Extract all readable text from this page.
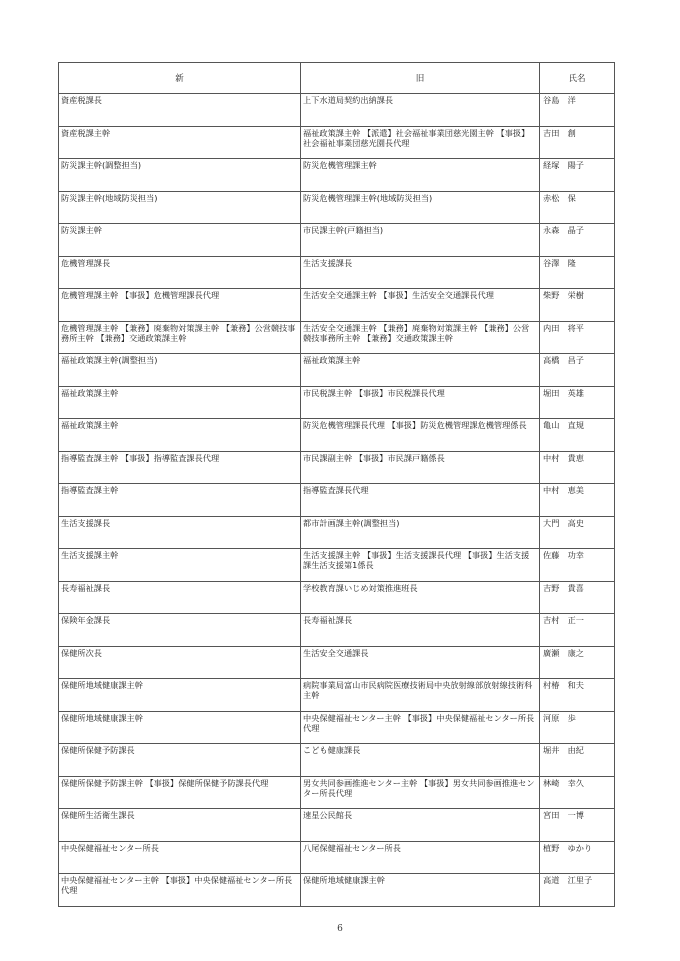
新	旧	氏名
資産税課長	上下水道局契約出納課長	谷島　洋
資産税課主幹	福祉政策課主幹 【派遣】社会福祉事業団慈光園主幹 【事扱】社会福祉事業団慈光園長代理	吉田　創
防災課主幹(調整担当)	防災危機管理課主幹	経塚　陽子
防災課主幹(地域防災担当)	防災危機管理課主幹(地域防災担当)	赤松　保
防災課主幹	市民課主幹(戸籍担当)	永森　晶子
危機管理課長	生活支援課長	谷澤　隆
危機管理課主幹 【事扱】危機管理課長代理	生活安全交通課主幹 【事扱】生活安全交通課長代理	柴野　栄樹
危機管理課主幹 【兼務】廃棄物対策課主幹 【兼務】公営競技事務所主幹 【兼務】交通政策課主幹	生活安全交通課主幹 【兼務】廃棄物対策課主幹 【兼務】公営競技事務所主幹 【兼務】交通政策課主幹	内田　将平
福祉政策課主幹(調整担当)	福祉政策課主幹	高橋　昌子
福祉政策課主幹	市民税課主幹 【事扱】市民税課長代理	堀田　英雄
福祉政策課主幹	防災危機管理課長代理 【事扱】防災危機管理課危機管理係長	亀山　直規
指導監査課主幹 【事扱】指導監査課長代理	市民課副主幹 【事扱】市民課戸籍係長	中村　貴恵
指導監査課主幹	指導監査課長代理	中村　恵美
生活支援課長	都市計画課主幹(調整担当)	大門　高史
生活支援課主幹	生活支援課主幹 【事扱】生活支援課長代理 【事扱】生活支援課生活支援第1係長	佐藤　功幸
長寿福祉課長	学校教育課いじめ対策推進班長	吉野　貴喜
保険年金課長	長寿福祉課長	吉村　正一
保健所次長	生活安全交通課長	廣瀬　康之
保健所地域健康課主幹	病院事業局富山市民病院医療技術局中央放射線部放射線技術科主幹	村椿　和夫
保健所地域健康課主幹	中央保健福祉センター主幹 【事扱】中央保健福祉センター所長代理	河原　歩
保健所保健予防課長	こども健康課長	堀井　由紀
保健所保健予防課主幹 【事扱】保健所保健予防課長代理	男女共同参画推進センター主幹 【事扱】男女共同参画推進センター所長代理	林崎　幸久
保健所生活衛生課長	速星公民館長	宮田　一博
中央保健福祉センター所長	八尾保健福祉センター所長	植野　ゆかり
中央保健福祉センター主幹 【事扱】中央保健福祉センター所長代理	保健所地域健康課主幹	高道　江里子
6
